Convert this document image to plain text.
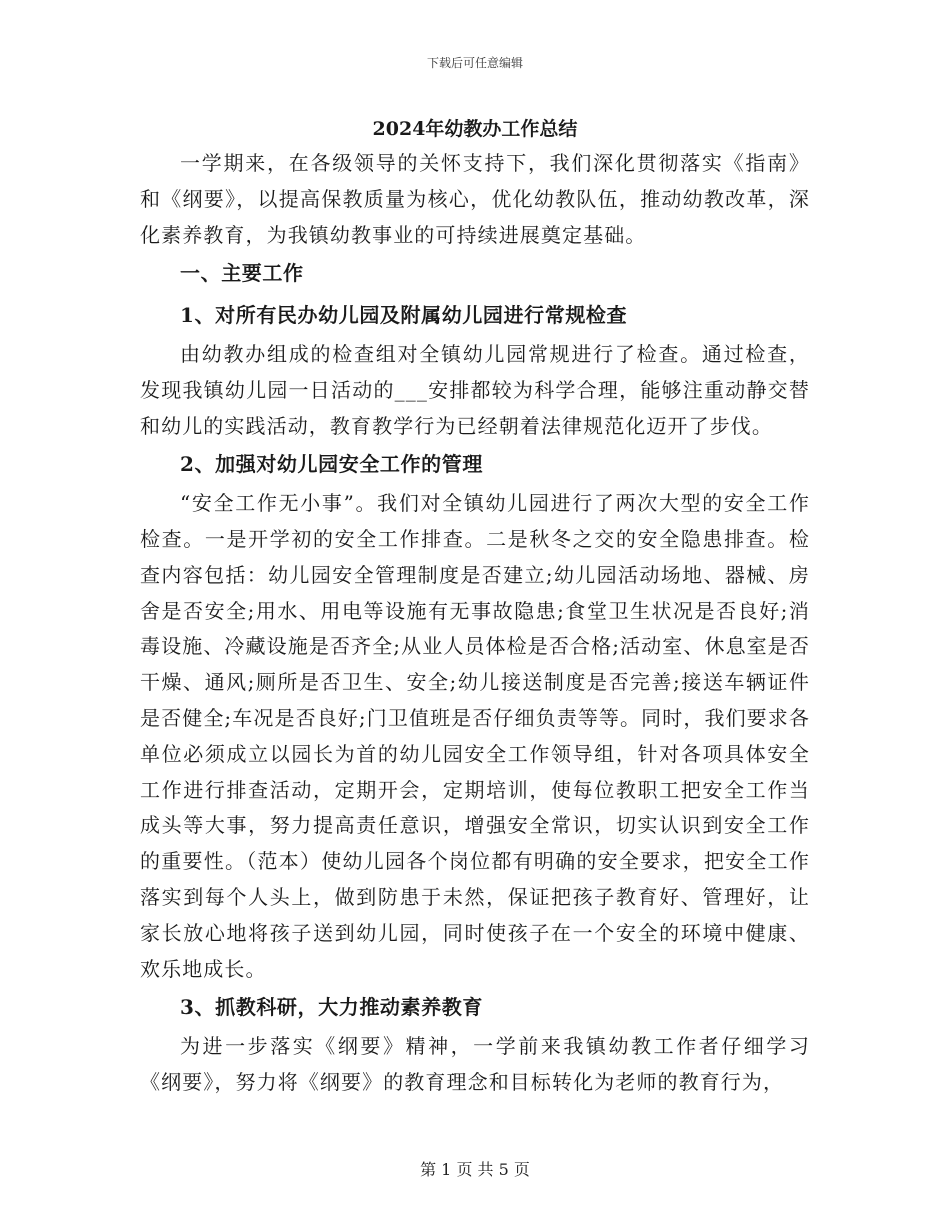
下载后可任意编辑
2024年幼教办工作总结

一学期来，在各级领导的关怀支持下，我们深化贯彻落实《指南》和《纲要》，以提高保教质量为核心，优化幼教队伍，推动幼教改革，深化素养教育，为我镇幼教事业的可持续进展奠定基础。

一、主要工作

1、对所有民办幼儿园及附属幼儿园进行常规检查

由幼教办组成的检查组对全镇幼儿园常规进行了检查。通过检查，发现我镇幼儿园一日活动的___安排都较为科学合理，能够注重动静交替和幼儿的实践活动，教育教学行为已经朝着法律规范化迈开了步伐。

2、加强对幼儿园安全工作的管理

“安全工作无小事”。我们对全镇幼儿园进行了两次大型的安全工作检查。一是开学初的安全工作排查。二是秋冬之交的安全隐患排查。检查内容包括：幼儿园安全管理制度是否建立;幼儿园活动场地、器械、房舍是否安全;用水、用电等设施有无事故隐患;食堂卫生状况是否良好;消毒设施、冷藏设施是否齐全;从业人员体检是否合格;活动室、休息室是否干燥、通风;厕所是否卫生、安全;幼儿接送制度是否完善;接送车辆证件是否健全;车况是否良好;门卫值班是否仔细负责等等。同时，我们要求各单位必须成立以园长为首的幼儿园安全工作领导组，针对各项具体安全工作进行排查活动，定期开会，定期培训，使每位教职工把安全工作当成头等大事，努力提高责任意识，增强安全常识，切实认识到安全工作的重要性。（范本）使幼儿园各个岗位都有明确的安全要求，把安全工作落实到每个人头上，做到防患于未然，保证把孩子教育好、管理好，让家长放心地将孩子送到幼儿园，同时使孩子在一个安全的环境中健康、欢乐地成长。

3、抓教科研，大力推动素养教育

为进一步落实《纲要》精神，一学前来我镇幼教工作者仔细学习《纲要》，努力将《纲要》的教育理念和目标转化为老师的教育行为，

第 1 页 共 5 页
